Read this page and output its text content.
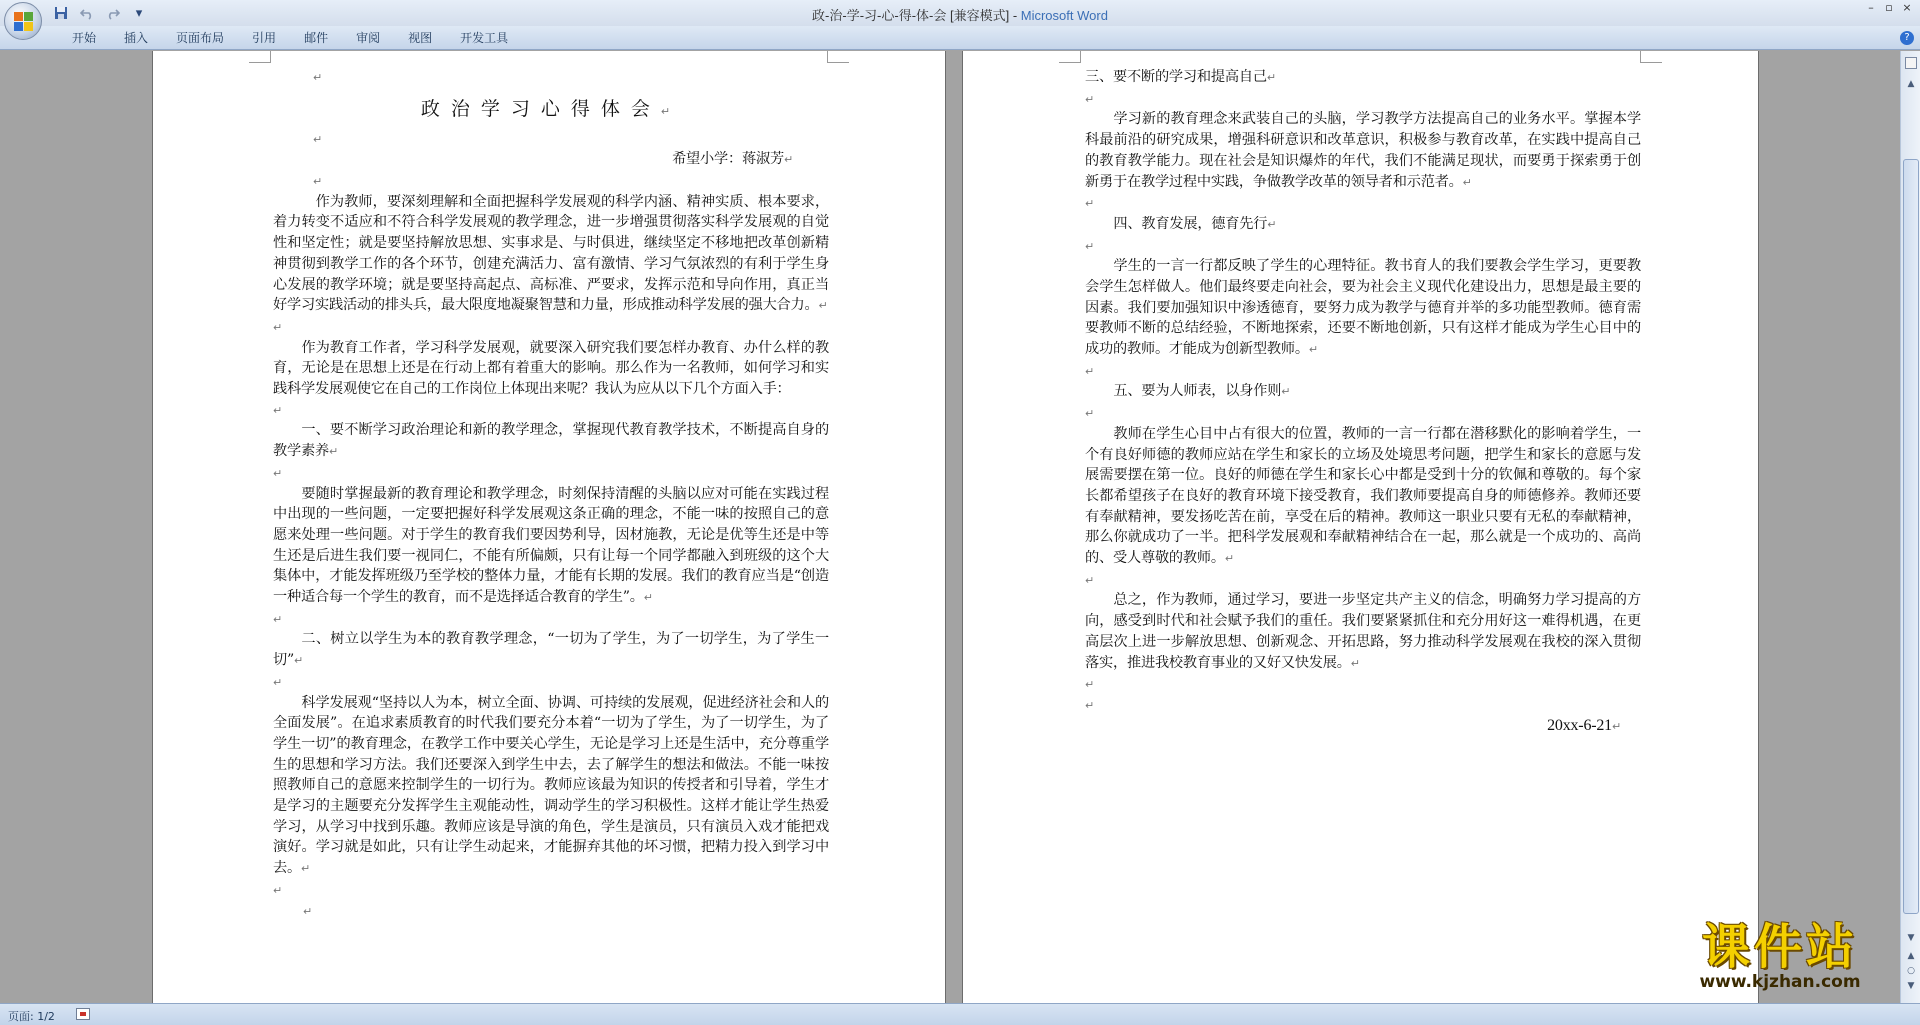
▾	政-治-学-习-心-得-体-会 [兼容模式] - Microsoft Word
–	▫ ×
开始	插入	页面布局	引用	邮件	审阅	视图	开发工具	?
↵
政治学习心得体会↵
↵
希望小学：蒋淑芳↵
↵
作为教师，要深刻理解和全面把握科学发展观的科学内涵、精神实质、根本要求，着力转变不适应和不符合科学发展观的教学理念，进一步增强贯彻落实科学发展观的自觉性和坚定性；就是要坚持解放思想、实事求是、与时俱进，继续坚定不移地把改革创新精神贯彻到教学工作的各个环节，创建充满活力、富有激情、学习气氛浓烈的有利于学生身心发展的教学环境；就是要坚持高起点、高标准、严要求，发挥示范和导向作用，真正当好学习实践活动的排头兵，最大限度地凝聚智慧和力量，形成推动科学发展的强大合力。↵
↵
作为教育工作者，学习科学发展观，就要深入研究我们要怎样办教育、办什么样的教育，无论是在思想上还是在行动上都有着重大的影响。那么作为一名教师，如何学习和实践科学发展观使它在自己的工作岗位上体现出来呢？我认为应从以下几个方面入手：
↵
一、要不断学习政治理论和新的教学理念，掌握现代教育教学技术，不断提高自身的教学素养↵
↵
要随时掌握最新的教育理论和教学理念，时刻保持清醒的头脑以应对可能在实践过程中出现的一些问题，一定要把握好科学发展观这条正确的理念，不能一味的按照自己的意愿来处理一些问题。对于学生的教育我们要因势利导，因材施教，无论是优等生还是中等生还是后进生我们要一视同仁，不能有所偏颇，只有让每一个同学都融入到班级的这个大集体中，才能发挥班级乃至学校的整体力量，才能有长期的发展。我们的教育应当是“创造一种适合每一个学生的教育，而不是选择适合教育的学生”。↵
↵
二、树立以学生为本的教育教学理念，“一切为了学生，为了一切学生，为了学生一切”↵
↵
科学发展观“坚持以人为本，树立全面、协调、可持续的发展观，促进经济社会和人的全面发展”。在追求素质教育的时代我们要充分本着“一切为了学生，为了一切学生，为了学生一切”的教育理念，在教学工作中要关心学生，无论是学习上还是生活中，充分尊重学生的思想和学习方法。我们还要深入到学生中去，去了解学生的想法和做法。不能一味按照教师自己的意愿来控制学生的一切行为。教师应该最为知识的传授者和引导着，学生才是学习的主题要充分发挥学生主观能动性，调动学生的学习积极性。这样才能让学生热爱学习，从学习中找到乐趣。教师应该是导演的角色，学生是演员，只有演员入戏才能把戏演好。学习就是如此，只有让学生动起来，才能摒弃其他的坏习惯，把精力投入到学习中去。↵
↵
↵
三、要不断的学习和提高自己↵
↵
学习新的教育理念来武装自己的头脑，学习教学方法提高自己的业务水平。掌握本学科最前沿的研究成果，增强科研意识和改革意识，积极参与教育改革，在实践中提高自己的教育教学能力。现在社会是知识爆炸的年代，我们不能满足现状，而要勇于探索勇于创新勇于在教学过程中实践，争做教学改革的领导者和示范者。↵
↵
四、教育发展，德育先行↵
↵
学生的一言一行都反映了学生的心理特征。教书育人的我们要教会学生学习，更要教会学生怎样做人。他们最终要走向社会，要为社会主义现代化建设出力，思想是最主要的因素。我们要加强知识中渗透德育，要努力成为教学与德育并举的多功能型教师。德育需要教师不断的总结经验，不断地探索，还要不断地创新，只有这样才能成为学生心目中的成功的教师。才能成为创新型教师。↵
↵
五、要为人师表，以身作则↵
↵
教师在学生心目中占有很大的位置，教师的一言一行都在潜移默化的影响着学生，一个有良好师德的教师应站在学生和家长的立场及处境思考问题，把学生和家长的意愿与发展需要摆在第一位。良好的师德在学生和家长心中都是受到十分的钦佩和尊敬的。每个家长都希望孩子在良好的教育环境下接受教育，我们教师要提高自身的师德修养。教师还要有奉献精神，要发扬吃苦在前，享受在后的精神。教师这一职业只要有无私的奉献精神，那么你就成功了一半。把科学发展观和奉献精神结合在一起，那么就是一个成功的、高尚的、受人尊敬的教师。↵
↵
总之，作为教师，通过学习，要进一步坚定共产主义的信念，明确努力学习提高的方向，感受到时代和社会赋予我们的重任。我们要紧紧抓住和充分用好这一难得机遇，在更高层次上进一步解放思想、创新观念、开拓思路，努力推动科学发展观在我校的深入贯彻落实，推进我校教育事业的又好又快发展。↵
↵
↵
20xx-6-21↵
▲
▼
▲
○
▼
页面: 1/2
课件站
www.kjzhan.com
